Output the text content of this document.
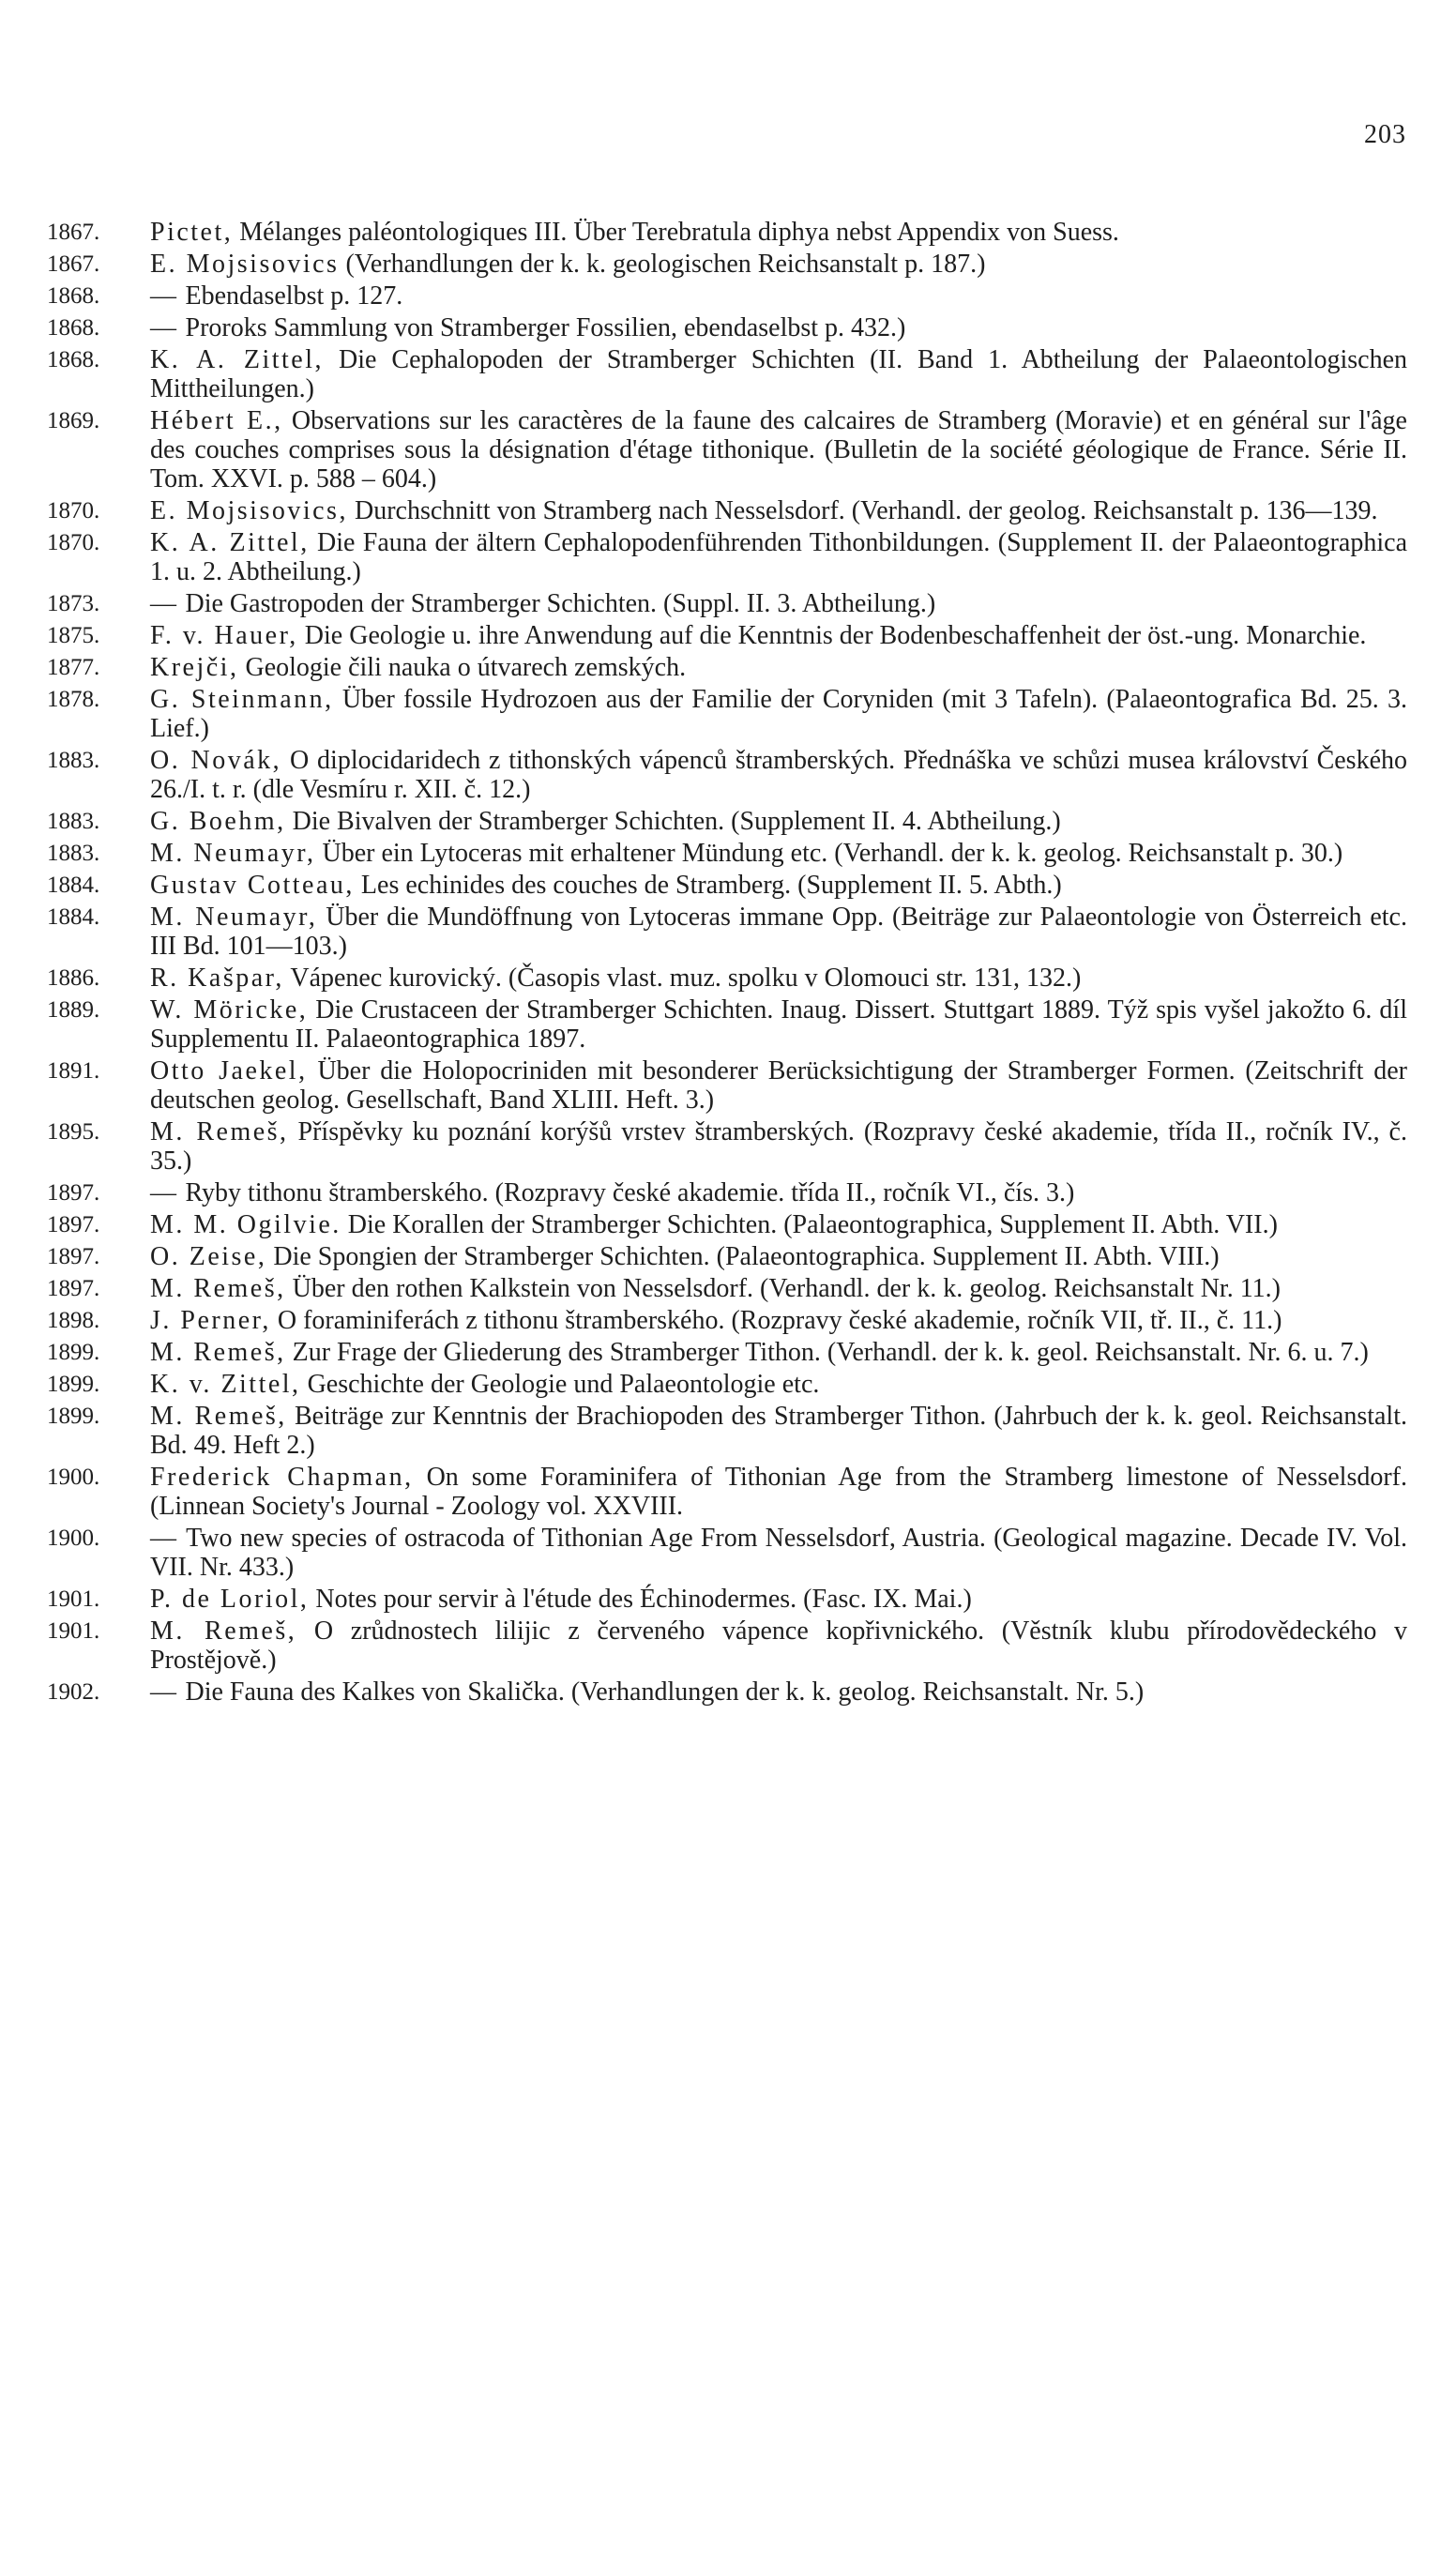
203
1867.	Pictet, Mélanges paléontologiques III. Über Terebratula diphya nebst Appendix von Suess.
1867.	E. Mojsisovics (Verhandlungen der k. k. geologischen Reichsanstalt p. 187.)
1868.	— Ebendaselbst p. 127.
1868.	— Proroks Sammlung von Stramberger Fossilien, ebendaselbst p. 432.)
1868.	K. A. Zittel, Die Cephalopoden der Stramberger Schichten (II. Band 1. Abtheilung der Palaeontologischen Mittheilungen.)
1869.	Hébert E., Observations sur les caractères de la faune des calcaires de Stramberg (Moravie) et en général sur l'âge des couches comprises sous la désignation d'étage tithonique. (Bulletin de la société géologique de France. Série II. Tom. XXVI. p. 588 – 604.)
1870.	E. Mojsisovics, Durchschnitt von Stramberg nach Nesselsdorf. (Verhandl. der geolog. Reichsanstalt p. 136—139.
1870.	K. A. Zittel, Die Fauna der ältern Cephalopodenführenden Tithonbildungen. (Supplement II. der Palaeontographica 1. u. 2. Abtheilung.)
1873.	— Die Gastropoden der Stramberger Schichten. (Suppl. II. 3. Abtheilung.)
1875.	F. v. Hauer, Die Geologie u. ihre Anwendung auf die Kenntnis der Bodenbeschaffenheit der öst.-ung. Monarchie.
1877.	Krejči, Geologie čili nauka o útvarech zemských.
1878.	G. Steinmann, Über fossile Hydrozoen aus der Familie der Coryniden (mit 3 Tafeln). (Palaeontografica Bd. 25. 3. Lief.)
1883.	O. Novák, O diplocidaridech z tithonských vápenců štramberských. Přednáška ve schůzi musea království Českého 26./I. t. r. (dle Vesmíru r. XII. č. 12.)
1883.	G. Boehm, Die Bivalven der Stramberger Schichten. (Supplement II. 4. Abtheilung.)
1883.	M. Neumayr, Über ein Lytoceras mit erhaltener Mündung etc. (Verhandl. der k. k. geolog. Reichsanstalt p. 30.)
1884.	Gustav Cotteau, Les echinides des couches de Stramberg. (Supplement II. 5. Abth.)
1884.	M. Neumayr, Über die Mundöffnung von Lytoceras immane Opp. (Beiträge zur Palaeontologie von Österreich etc. III Bd. 101—103.)
1886.	R. Kašpar, Vápenec kurovický. (Časopis vlast. muz. spolku v Olomouci str. 131, 132.)
1889.	W. Möricke, Die Crustaceen der Stramberger Schichten. Inaug. Dissert. Stuttgart 1889. Týž spis vyšel jakožto 6. díl Supplementu II. Palaeontographica 1897.
1891.	Otto Jaekel, Über die Holopocriniden mit besonderer Berücksichtigung der Stramberger Formen. (Zeitschrift der deutschen geolog. Gesellschaft, Band XLIII. Heft. 3.)
1895.	M. Remeš, Příspěvky ku poznání korýšů vrstev štramberských. (Rozpravy české akademie, třída II., ročník IV., č. 35.)
1897.	— Ryby tithonu štramberského. (Rozpravy české akademie. třída II., ročník VI., čís. 3.)
1897.	M. M. Ogilvie. Die Korallen der Stramberger Schichten. (Palaeontographica, Supplement II. Abth. VII.)
1897.	O. Zeise, Die Spongien der Stramberger Schichten. (Palaeontographica. Supplement II. Abth. VIII.)
1897.	M. Remeš, Über den rothen Kalkstein von Nesselsdorf. (Verhandl. der k. k. geolog. Reichsanstalt Nr. 11.)
1898.	J. Perner, O foraminiferách z tithonu štramberského. (Rozpravy české akademie, ročník VII, tř. II., č. 11.)
1899.	M. Remeš, Zur Frage der Gliederung des Stramberger Tithon. (Verhandl. der k. k. geol. Reichsanstalt. Nr. 6. u. 7.)
1899.	K. v. Zittel, Geschichte der Geologie und Palaeontologie etc.
1899.	M. Remeš, Beiträge zur Kenntnis der Brachiopoden des Stramberger Tithon. (Jahrbuch der k. k. geol. Reichsanstalt. Bd. 49. Heft 2.)
1900.	Frederick Chapman, On some Foraminifera of Tithonian Age from the Stramberg limestone of Nesselsdorf. (Linnean Society's Journal - Zoology vol. XXVIII.
1900.	— Two new species of ostracoda of Tithonian Age From Nesselsdorf, Austria. (Geological magazine. Decade IV. Vol. VII. Nr. 433.)
1901.	P. de Loriol, Notes pour servir à l'étude des Échinodermes. (Fasc. IX. Mai.)
1901.	M. Remeš, O zrůdnostech lilijic z červeného vápence kopřivnického. (Věstník klubu přírodovědeckého v Prostějově.)
1902.	— Die Fauna des Kalkes von Skalička. (Verhandlungen der k. k. geolog. Reichsanstalt. Nr. 5.)
